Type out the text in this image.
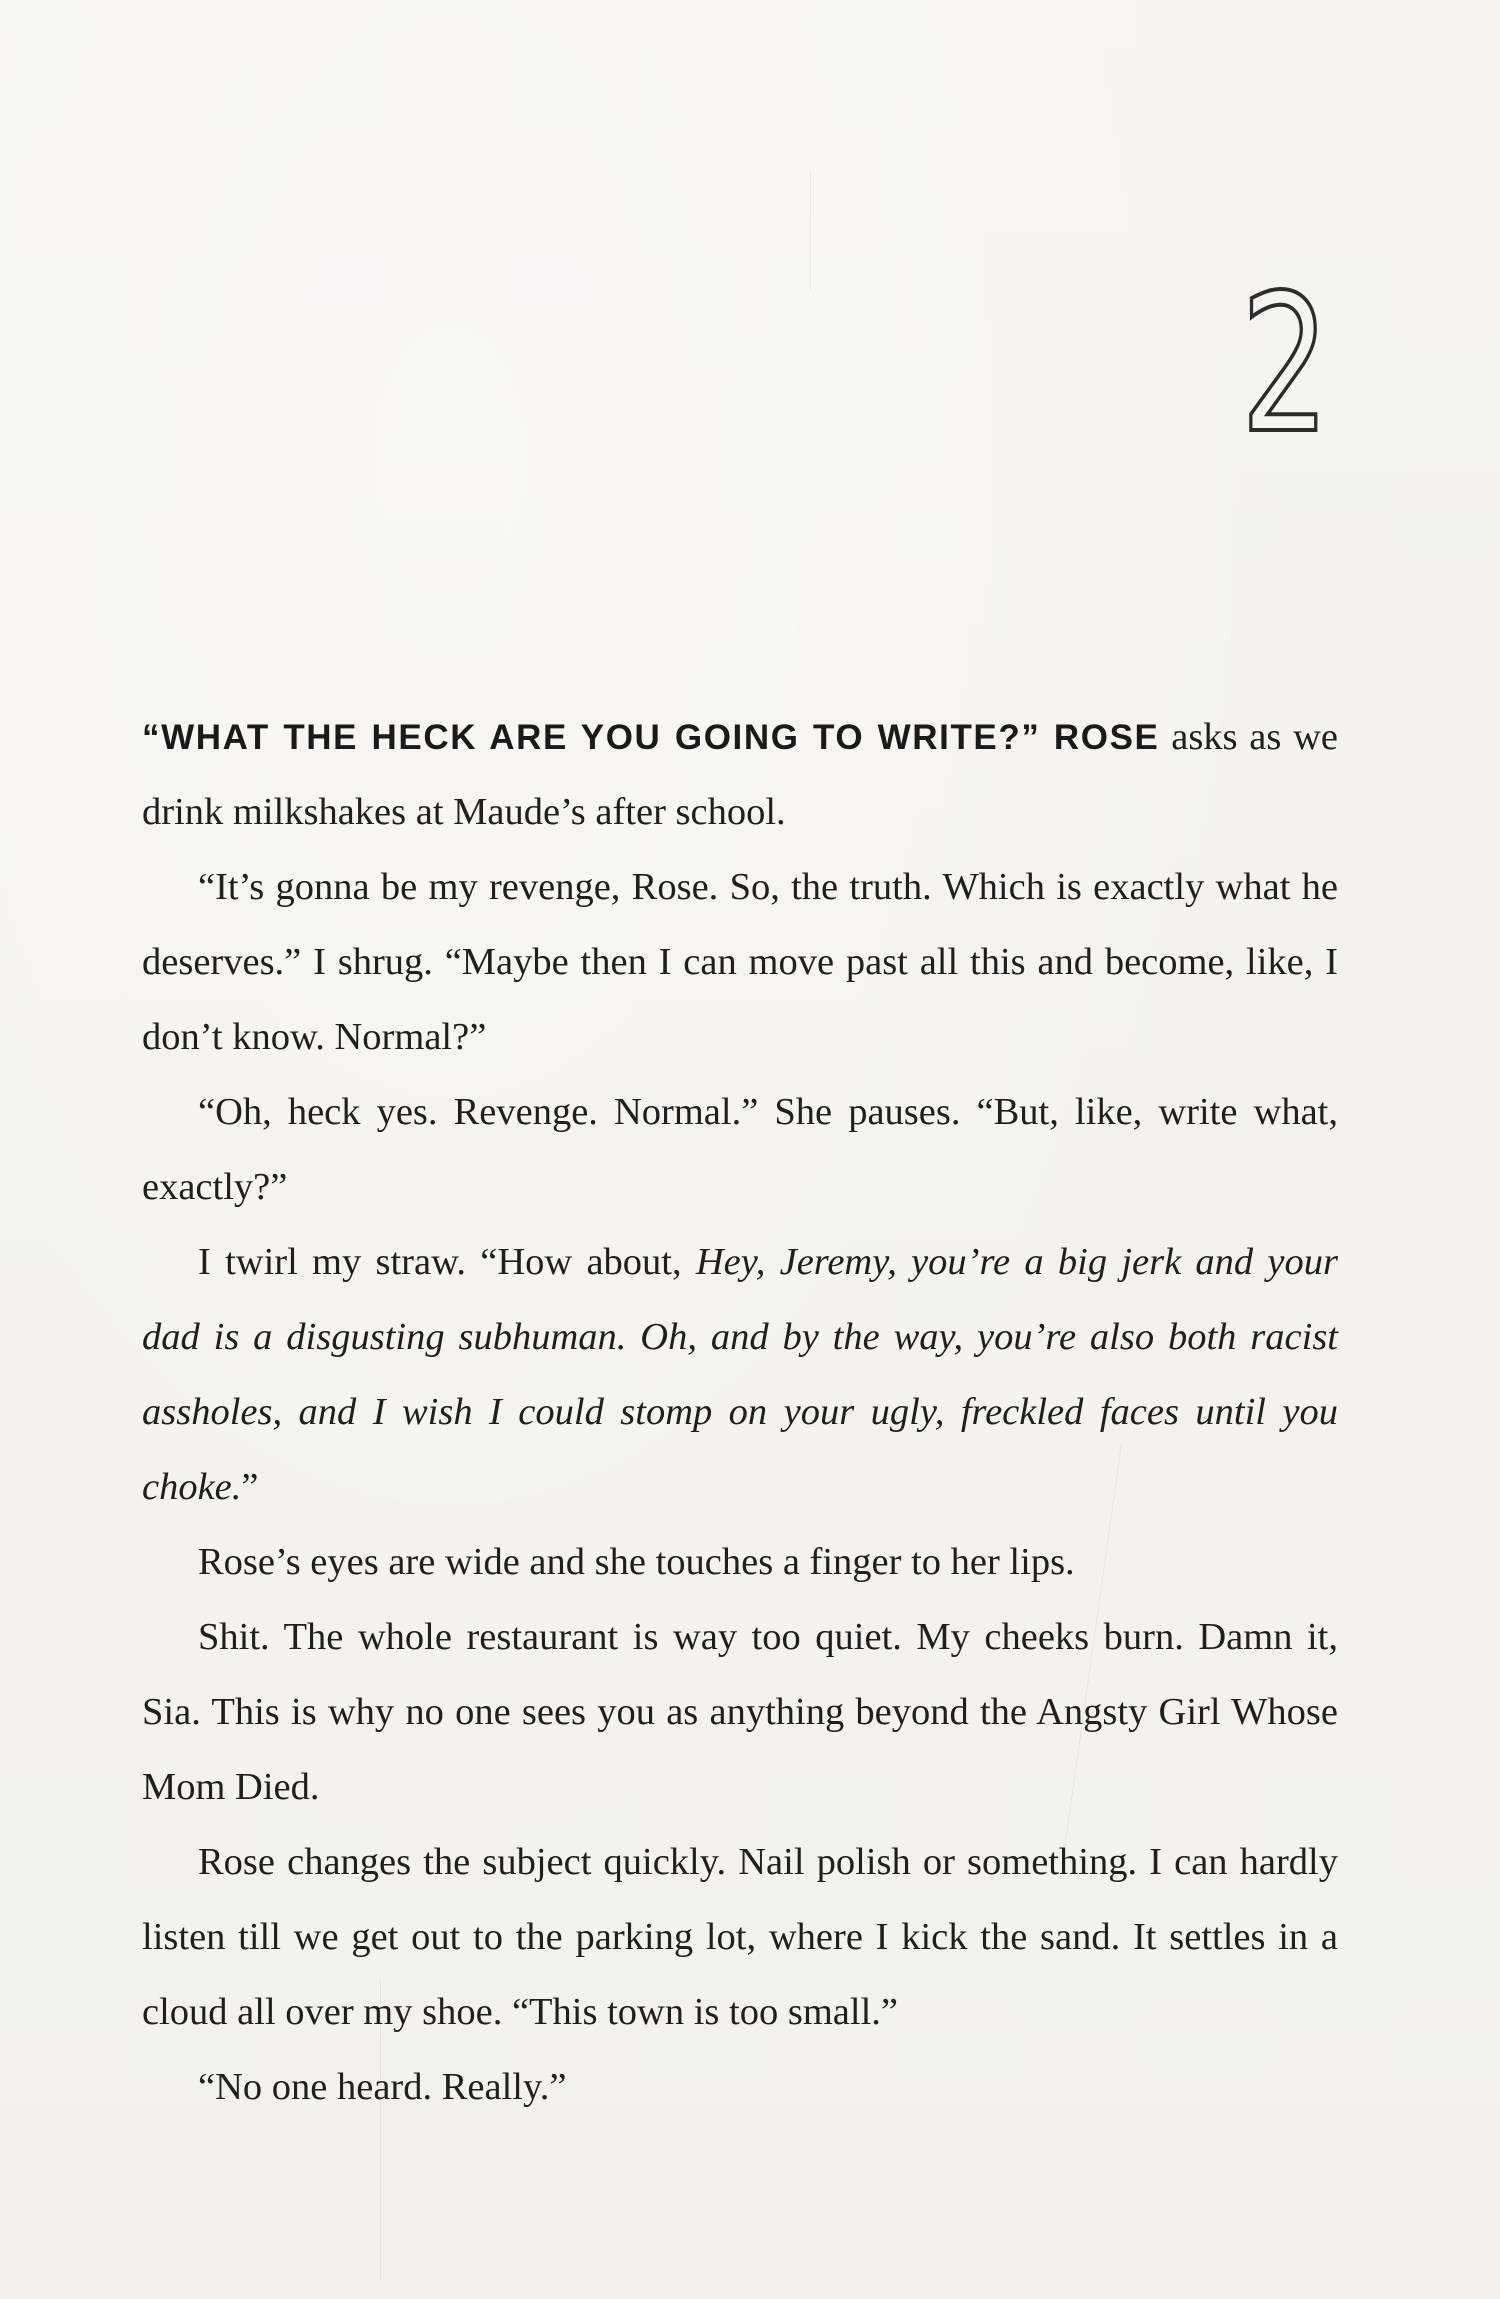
2

“WHAT THE HECK ARE YOU GOING TO WRITE?” ROSE asks as we drink milkshakes at Maude’s after school.

“It’s gonna be my revenge, Rose. So, the truth. Which is exactly what he deserves.” I shrug. “Maybe then I can move past all this and become, like, I don’t know. Normal?”

“Oh, heck yes. Revenge. Normal.” She pauses. “But, like, write what, exactly?”

I twirl my straw. “How about, Hey, Jeremy, you’re a big jerk and your dad is a disgusting subhuman. Oh, and by the way, you’re also both racist assholes, and I wish I could stomp on your ugly, freckled faces until you choke.”

Rose’s eyes are wide and she touches a finger to her lips.

Shit. The whole restaurant is way too quiet. My cheeks burn. Damn it, Sia. This is why no one sees you as anything beyond the Angsty Girl Whose Mom Died.

Rose changes the subject quickly. Nail polish or something. I can hardly listen till we get out to the parking lot, where I kick the sand. It settles in a cloud all over my shoe. “This town is too small.”

“No one heard. Really.”
